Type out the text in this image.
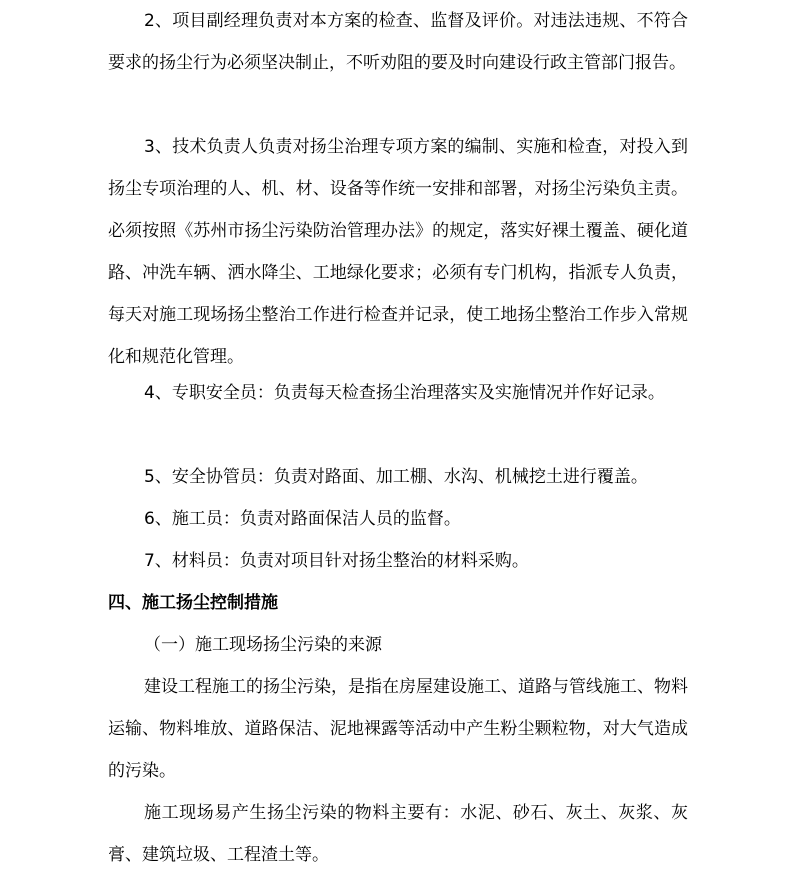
2、项目副经理负责对本方案的检查、监督及评价。对违法违规、不符合要求的扬尘行为必须坚决制止，不听劝阻的要及时向建设行政主管部门报告。

3、技术负责人负责对扬尘治理专项方案的编制、实施和检查，对投入到扬尘专项治理的人、机、材、设备等作统一安排和部署，对扬尘污染负主责。必须按照《苏州市扬尘污染防治管理办法》的规定，落实好裸土覆盖、硬化道路、冲洗车辆、洒水降尘、工地绿化要求；必须有专门机构，指派专人负责，每天对施工现场扬尘整治工作进行检查并记录，使工地扬尘整治工作步入常规化和规范化管理。

4、专职安全员：负责每天检查扬尘治理落实及实施情况并作好记录。

5、安全协管员：负责对路面、加工棚、水沟、机械挖土进行覆盖。

6、施工员：负责对路面保洁人员的监督。

7、材料员：负责对项目针对扬尘整治的材料采购。

四、施工扬尘控制措施
（一）施工现场扬尘污染的来源

建设工程施工的扬尘污染，是指在房屋建设施工、道路与管线施工、物料运输、物料堆放、道路保洁、泥地裸露等活动中产生粉尘颗粒物，对大气造成的污染。

施工现场易产生扬尘污染的物料主要有：水泥、砂石、灰土、灰浆、灰膏、建筑垃圾、工程渣土等。
